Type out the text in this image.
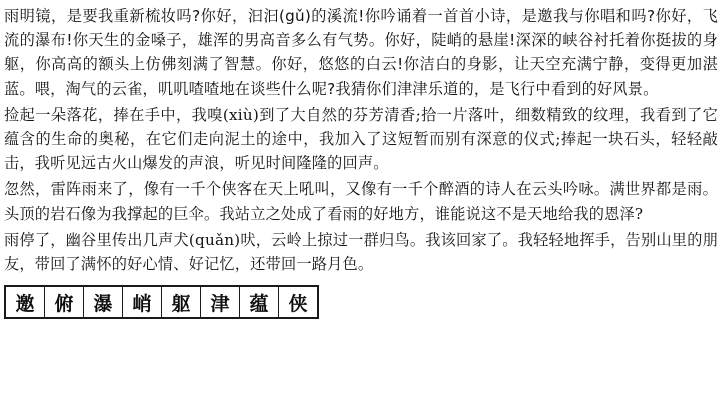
雨明镜，是要我重新梳妆吗?你好，汩汩(gǔ)的溪流!你吟诵着一首首小诗，是邀我与你唱和吗?你好，飞流的瀑布!你天生的金嗓子，雄浑的男高音多么有气势。你好，陡峭的悬崖!深深的峡谷衬托着你挺拔的身躯，你高高的额头上仿佛刻满了智慧。你好，悠悠的白云!你洁白的身影，让天空充满宁静，变得更加湛蓝。喂，淘气的云雀，叽叽喳喳地在谈些什么呢?我猜你们津津乐道的，是飞行中看到的好风景。

捡起一朵落花，捧在手中，我嗅(xiù)到了大自然的芬芳清香;拾一片落叶，细数精致的纹理，我看到了它蕴含的生命的奥秘，在它们走向泥土的途中，我加入了这短暂而别有深意的仪式;捧起一块石头，轻轻敲击，我听见远古火山爆发的声浪，听见时间隆隆的回声。

忽然，雷阵雨来了，像有一千个侠客在天上吼叫，又像有一千个醉酒的诗人在云头吟咏。满世界都是雨。头顶的岩石像为我撑起的巨伞。我站立之处成了看雨的好地方，谁能说这不是天地给我的恩泽?

雨停了，幽谷里传出几声犬(quǎn)吠，云岭上掠过一群归鸟。我该回家了。我轻轻地挥手，告别山里的朋友，带回了满怀的好心情、好记忆，还带回一路月色。

邀	俯	瀑	峭	躯	津	蕴	侠
